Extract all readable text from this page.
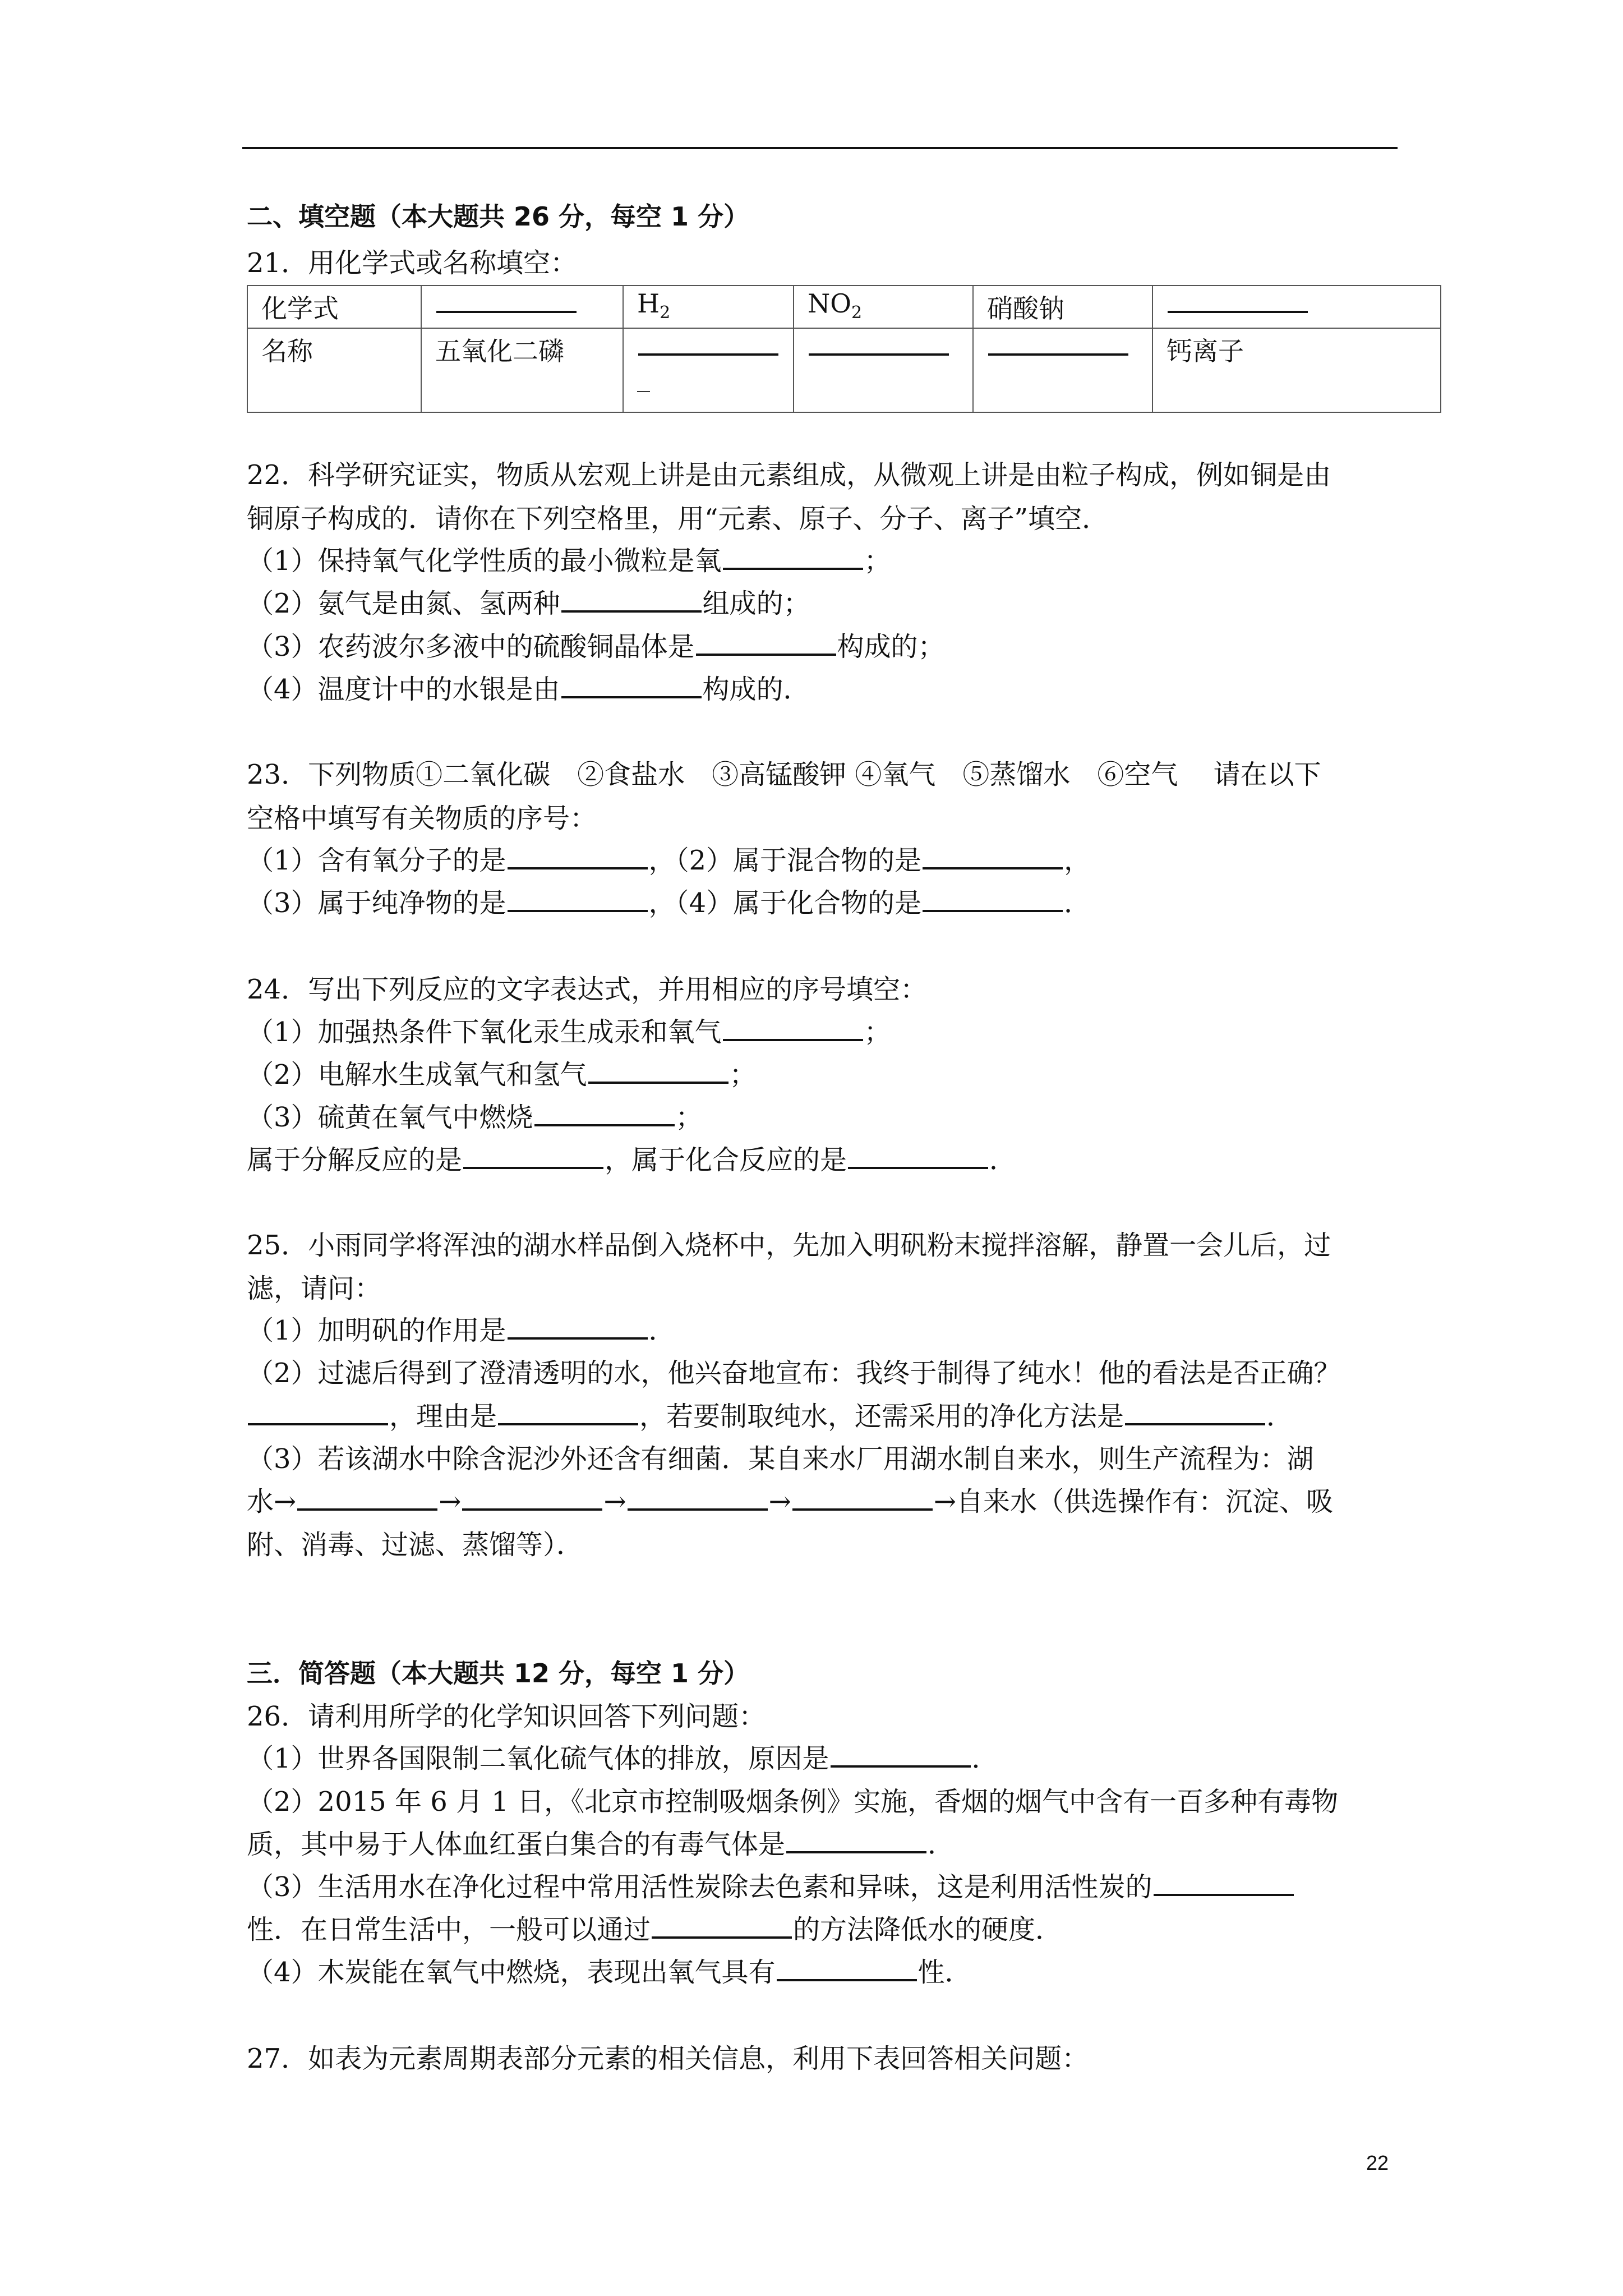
二、填空题（本大题共 26 分，每空 1 分）
21．用化学式或名称填空：
化学式		$H_2$	$NO_2$	硝酸钠	
名称	五氧化二磷	_			钙离子
22．科学研究证实，物质从宏观上讲是由元素组成，从微观上讲是由粒子构成，例如铜是由
铜原子构成的．请你在下列空格里，用“元素、原子、分子、离子”填空．
（1）保持氧气化学性质的最小微粒是氧	；
（2）氨气是由氮、氢两种	组成的；
（3）农药波尔多液中的硫酸铜晶体是	构成的；
（4）温度计中的水银是由	构成的．
23．下列物质①二氧化碳　②食盐水　③高锰酸钾 ④氧气　⑤蒸馏水　⑥空气　 请在以下
空格中填写有关物质的序号：
（1）含有氧分子的是	，（2）属于混合物的是	，
（3）属于纯净物的是	，（4）属于化合物的是	．
24．写出下列反应的文字表达式，并用相应的序号填空：
（1）加强热条件下氧化汞生成汞和氧气	；
（2）电解水生成氧气和氢气	；
（3）硫黄在氧气中燃烧	；
属于分解反应的是	，属于化合反应的是	．
25．小雨同学将浑浊的湖水样品倒入烧杯中，先加入明矾粉末搅拌溶解，静置一会儿后，过
滤，请问：
（1）加明矾的作用是	．
（2）过滤后得到了澄清透明的水，他兴奋地宣布：我终于制得了纯水！他的看法是否正确？
，理由是	，若要制取纯水，还需采用的净化方法是	．
（3）若该湖水中除含泥沙外还含有细菌．某自来水厂用湖水制自来水，则生产流程为：湖
水→	→	→	→	→自来水（供选操作有：沉淀、吸
附、消毒、过滤、蒸馏等）．
三．简答题（本大题共 12 分，每空 1 分）
26．请利用所学的化学知识回答下列问题：
（1）世界各国限制二氧化硫气体的排放，原因是	．
（2）2015 年 6 月 1 日，《北京市控制吸烟条例》实施，香烟的烟气中含有一百多种有毒物
质，其中易于人体血红蛋白集合的有毒气体是	．
（3）生活用水在净化过程中常用活性炭除去色素和异味，这是利用活性炭的
性．在日常生活中，一般可以通过	的方法降低水的硬度．
（4）木炭能在氧气中燃烧，表现出氧气具有	性．
27．如表为元素周期表部分元素的相关信息，利用下表回答相关问题：
22
